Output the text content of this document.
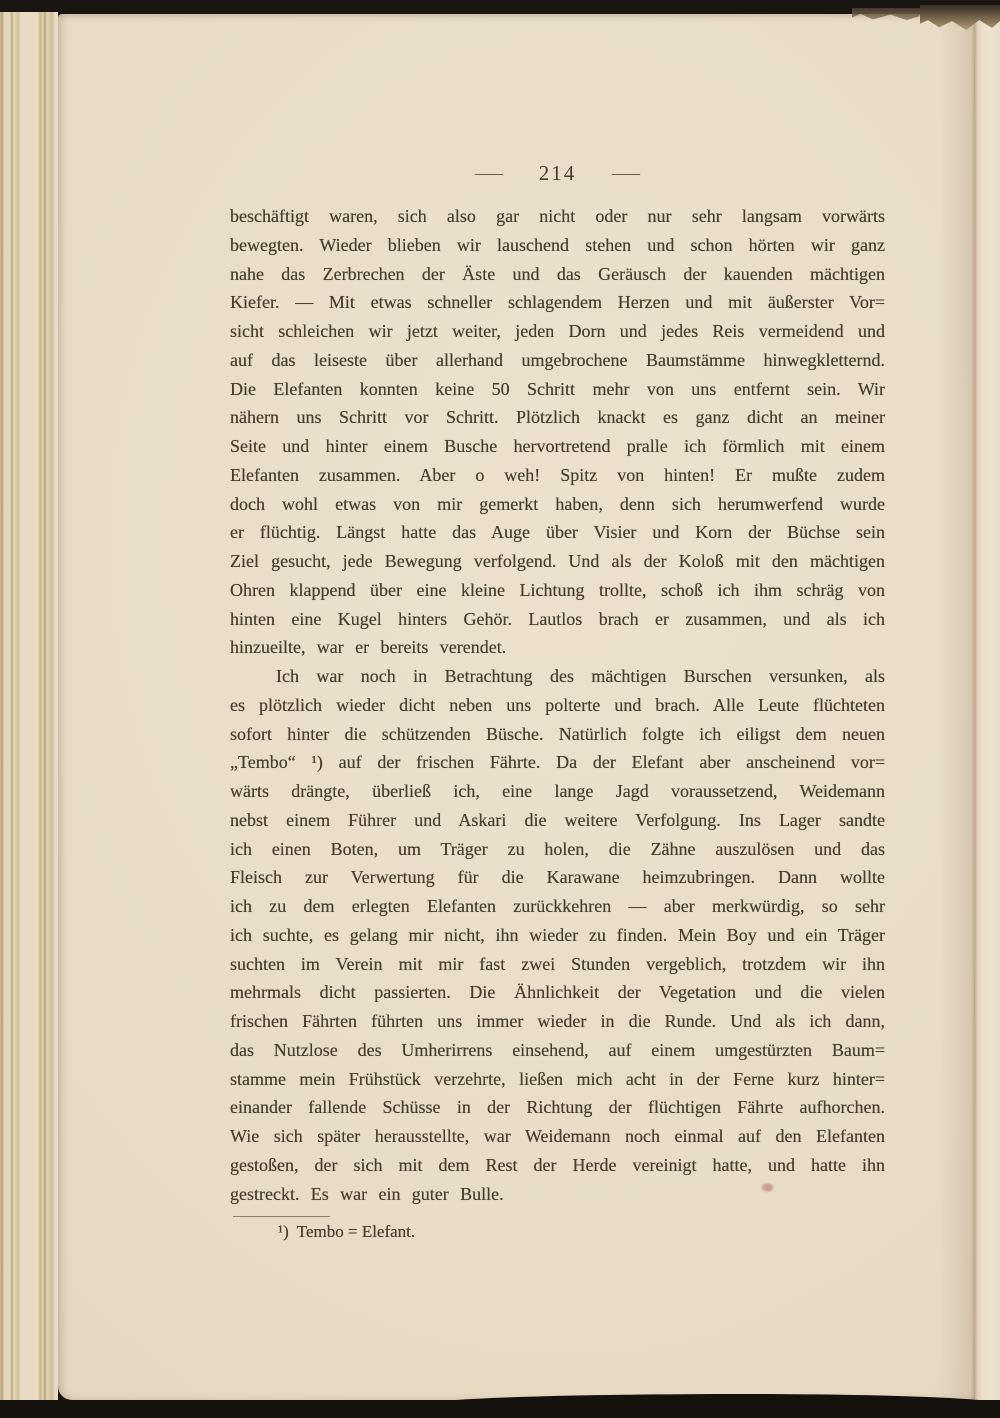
— 214 —
beschäftigt waren, sich also gar nicht oder nur sehr langsam vorwärts
bewegten. Wieder blieben wir lauschend stehen und schon hörten wir ganz
nahe das Zerbrechen der Äste und das Geräusch der kauenden mächtigen
Kiefer. — Mit etwas schneller schlagendem Herzen und mit äußerster Vor=
sicht schleichen wir jetzt weiter, jeden Dorn und jedes Reis vermeidend und
auf das leiseste über allerhand umgebrochene Baumstämme hinwegkletternd.
Die Elefanten konnten keine 50 Schritt mehr von uns entfernt sein. Wir
nähern uns Schritt vor Schritt. Plötzlich knackt es ganz dicht an meiner
Seite und hinter einem Busche hervortretend pralle ich förmlich mit einem
Elefanten zusammen. Aber o weh! Spitz von hinten! Er mußte zudem
doch wohl etwas von mir gemerkt haben, denn sich herumwerfend wurde
er flüchtig. Längst hatte das Auge über Visier und Korn der Büchse sein
Ziel gesucht, jede Bewegung verfolgend. Und als der Koloß mit den mächtigen
Ohren klappend über eine kleine Lichtung trollte, schoß ich ihm schräg von
hinten eine Kugel hinters Gehör. Lautlos brach er zusammen, und als ich
hinzueilte, war er bereits verendet.
Ich war noch in Betrachtung des mächtigen Burschen versunken, als
es plötzlich wieder dicht neben uns polterte und brach. Alle Leute flüchteten
sofort hinter die schützenden Büsche. Natürlich folgte ich eiligst dem neuen
„Tembo“ ¹) auf der frischen Fährte. Da der Elefant aber anscheinend vor=
wärts drängte, überließ ich, eine lange Jagd voraussetzend, Weidemann
nebst einem Führer und Askari die weitere Verfolgung. Ins Lager sandte
ich einen Boten, um Träger zu holen, die Zähne auszulösen und das
Fleisch zur Verwertung für die Karawane heimzubringen. Dann wollte
ich zu dem erlegten Elefanten zurückkehren — aber merkwürdig, so sehr
ich suchte, es gelang mir nicht, ihn wieder zu finden. Mein Boy und ein Träger
suchten im Verein mit mir fast zwei Stunden vergeblich, trotzdem wir ihn
mehrmals dicht passierten. Die Ähnlichkeit der Vegetation und die vielen
frischen Fährten führten uns immer wieder in die Runde. Und als ich dann,
das Nutzlose des Umherirrens einsehend, auf einem umgestürzten Baum=
stamme mein Frühstück verzehrte, ließen mich acht in der Ferne kurz hinter=
einander fallende Schüsse in der Richtung der flüchtigen Fährte aufhorchen.
Wie sich später herausstellte, war Weidemann noch einmal auf den Elefanten
gestoßen, der sich mit dem Rest der Herde vereinigt hatte, und hatte ihn
gestreckt. Es war ein guter Bulle.
¹) Tembo = Elefant.
